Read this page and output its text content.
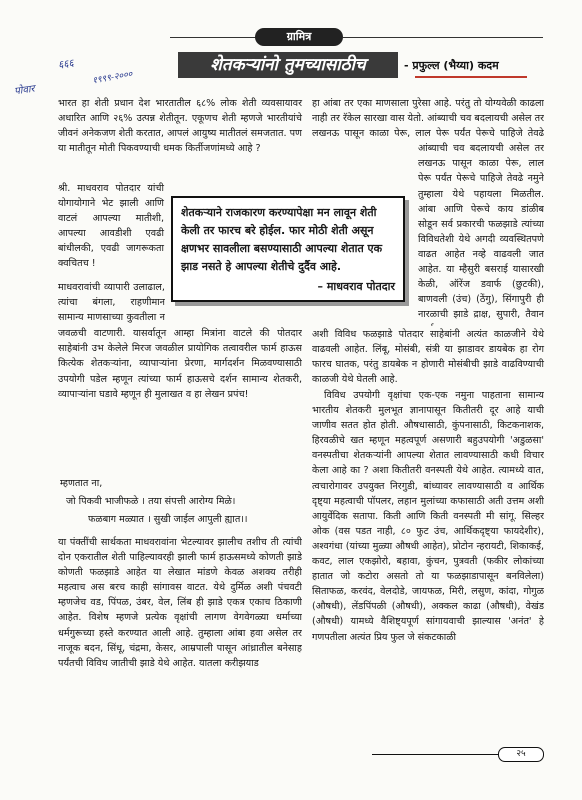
पोवार
६६६
१९९९-२०००
ग्रामित्र
शेतकऱ्यांनो तुमच्यासाठीच	- प्रफुल्ल (भैय्या) कदम

भारत हा शेती प्रधान देश भारतातील ६८% लोक शेती व्यवसायावर अधारित आणि २६% उत्पन्न शेतीतून. एकूणच शेती म्हणजे भारतीयांचे जीवनं अनेकजण शेती करतात, आपलं आयुष्य मातीतलं समजतात. पण या मातीतून मोती पिकवण्याची धमक किर्तीजणांमध्ये आहे ?

श्री. माधवराव पोतदार यांची योगायोगाने भेट झाली आणि वाटलं आपल्या मातीशी, आपल्या आवडीशी एवढी बांधीलकी, एवढी जागरूकता क्वचितच !

माधवरावांची व्यापारी उलाढाल, त्यांचा बंगला, राहणीमान सामान्य माणसाच्या कुवतीला न

जवळची वाटणारी. यासर्वातून आम्हा मित्रांना वाटले की पोतदार साहेबांनी उभ केलेले मिरज जवळील प्रायोगिक तत्वावरील फार्म हाऊस कित्येक शेतकऱ्यांना, व्यापाऱ्यांना प्रेरणा, मार्गदर्शन मिळवण्यासाठी उपयोगी पडेल म्हणून त्यांच्या फार्म हाऊसचे दर्शन सामान्य शेतकरी, व्यापाऱ्यांना घडावे म्हणून ही मुलाखत व हा लेखन प्रपंच!

म्हणतात ना,
जो पिकवी भाजीफळे । तया संपत्ती आरोग्य मिळे।
फळबाग मळ्यात । सुखी जाईल आपुली ह्यात।।

या पंक्तींची सार्थकता माधवरावांना भेटल्यावर झालीच तशीच ती त्यांची दोन एकरातील शेती पाहिल्यावरही झाली फार्म हाऊसमध्ये कोणती झाडे कोणती फळझाडे आहेत या लेखात मांडणे केवळ अशक्य तरीही महत्वाच अस बरच काही सांगावस वाटत. येथे दुर्मिळ अशी पंचवटी म्हणजेच वड, पिंपळ, उंबर, वेल, लिंब ही झाडे एकत्र एकाच ठिकाणी आहेत. विशेष म्हणजे प्रत्येक वृक्षांची लागण वेगवेगळ्या धर्माच्या धर्मगुरूच्या हस्ते करण्यात आली आहे. तुम्हाला आंबा हवा असेल तर नाजूक बदन, सिंधू, चंद्रमा, केसर, आम्रपाली पासून आंध्रातील बनेसाह पर्यंतची विविध जातीची झाडे येथे आहेत. यातला करीझयाड

हा आंबा तर एका माणसाला पुरेसा आहे. परंतु तो योग्यवेळी काढला नाही तर रॅकेल सारखा वास येतो. आंब्याची चव बदलायची असेल तर लखनऊ पासून काळा पेरू, लाल पेरू पर्यंत पेरूचे पाहिजे तेवढे

आंब्याची चव बदलायची असेल तर लखनऊ पासून काळा पेरू, लाल पेरू पर्यंत पेरूचे पाहिजे तेवढे नमुने तुम्हाला येथे पहायला मिळतील. आंबा आणि पेरूचे काय डांळीब सोडून सर्व प्रकारची फळझाडे त्यांच्या विविधतेशी येथे अगदी व्यवस्थितपणे वाढत आहेत नव्हे वाढवली जात आहेत. या म्हैसुरी बसराई यासारखी केळी, ऑरेंज डवार्फ (छुटकी), बाणवली (उंच) (ठेंगु), सिंगापुरी ही नारळाची झाडे द्राक्ष, सुपारी, तैवान

अशी विविध फळझाडे पोतदार साहेबांनी अत्यंत काळजीने येथे वाढवली आहेत. लिंबू, मोसंबी, संत्री या झाडावर डायबेक हा रोग फारच घातक, परंतु डायबेक न होणारी मोसंबीची झाडे वाढविण्याची काळजी येथे घेतली आहे.

विविध उपयोगी वृक्षांचा एक-एक नमुना पाहताना सामान्य भारतीय शेतकरी मुलभूत ज्ञानापासून कितीतरी दूर आहे याची जाणीव सतत होत होती. औषधासाठी, कुंपनासाठी, किटकनाशक, हिरवळीचे खत म्हणून महत्वपूर्ण असणारी बहुउपयोगी 'अडुळसा' वनस्पतीचा शेतकऱ्यांनी आपल्या शेतात लावण्यासाठी कधी विचार केला आहे का ? अशा कितीतरी वनस्पती येथे आहेत. त्यामध्ये वात, त्वचारोगावर उपयुक्त निरगुडी, बांध्यावर लावण्यासाठी व आर्थिक दृष्ट्या महत्वाची पॉपलर, लहान मुलांच्या कफासाठी अती उत्तम अशी आयुर्वेदिक सतापा. किती आणि किती वनस्पती मी सांगू. सिल्हर ओक (वस पडत नाही, ८० फुट उंच, आर्थिकदृष्ट्या फायदेशीर), अश्वगंधा (यांच्या मुळ्या औषधी आहेत), प्रोटोन न्हरायटी, शिकाकई, कवट, लाल एकझोरो, बहावा, कुंचन, पुत्रवती (फकीर लोकांच्या हातात जो कटोरा असतो तो या फळझाडापासून बनविलेला) सिताफळ, करवंद, वेलदोडे, जायफळ, मिरी, लसुण, कांदा, गोगुळ (औषधी), लेंडपिंपळी (औषधी), अक्कल काढा (औषधी), वेखंड (औषधी) यामध्ये वैशिष्ट्यपूर्ण सांगायवाची झाल्यास 'अनंत' हे गणपतीला अत्यंत प्रिय फुल जे संकटकाळी

शेतकऱ्याने राजकारण करण्यापेक्षा मन लावून शेती केली तर फारच बरे होईल. फार मोठी शेती असून क्षणभर सावलीला बसण्यासाठी आपल्या शेतात एक झाड नसते हे आपल्या शेतीचे दुर्दैव आहे.
– माधवराव पोतदार
२५
